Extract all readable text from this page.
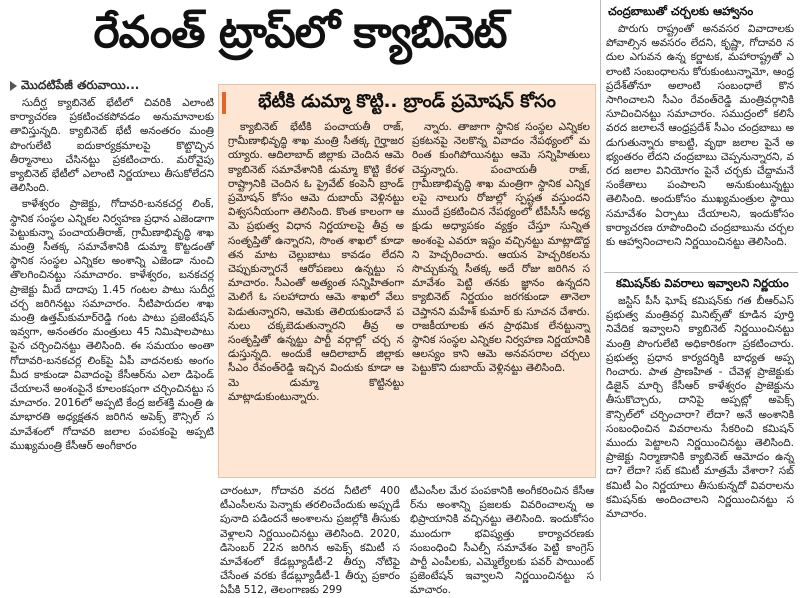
రేవంత్ ట్రాప్‌లో క్యాబినెట్
మొదటిపేజీ తరువాయి...

సుదీర్ఘ క్యాబినెట్ భేటీలో చివరికి ఎలాంటి కార్యాచరణ ప్రకటించకపోవడం అనుమానాలకు తావిస్తున్నది. క్యాబినెట్ భేటీ అనంతరం మంత్రి పొంగులేటి ఐదుకార్యక్రమాలపై కొట్టొచ్చిన తీర్మానాలు చేసినట్టు ప్రకటించారు. మరోవైపు క్యాబినెట్ భేటీలో ఎలాంటి నిర్ణయాలు తీసుకోలేదని తెలిసింది.

కాళేశ్వరం ప్రాజెక్టు, గోదావరి-బనకచర్ల లింక్, స్థానిక సంస్థల ఎన్నికల నిర్వహణ ప్రధాన ఎజెండాగా పెట్టుకున్నా పంచాయతీరాజ్, గ్రామీణాభివృద్ధి శాఖ మంత్రి సీతక్క సమావేశానికి డుమ్మా కొట్టడంతో స్థానిక సంస్థల ఎన్నికల అంశాన్ని ఎజెండా నుంచి తొలగించినట్టు సమాచారం. కాళేశ్వరం, బనకచర్ల ప్రాజెక్టు మీదే దాదాపు 1.45 గంటల పాటు సుదీర్ఘ చర్చ జరిగినట్టు సమాచారం. నీటిపారుదల శాఖ మంత్రి ఉత్తమ్‌కుమార్‌రెడ్డి గంట పాటు ప్రజెంటేషన్ ఇవ్వగా, అనంతరం మంత్రులు 45 నిమిషాలపాటు పైన చర్చించినట్టు తెలిసింది. ఈ సమయం అంతా గోదావరి-బనకచర్ల లింక్‌పై ఏపీ వాదనలకు అంగం మీద కాకుండా వివాదంపై కేసీఆర్‌ను ఎలా డిఫెండ్ చేయాలనే అంశంపైనే కూలంకషంగా చర్చించినట్టు సమాచారం. 2016లో అప్పటి కేంద్ర జల్‌శక్తి మంత్రి ఉమాభారతి అధ్యక్షతన జరిగిన అపెక్స్ కౌన్సిల్ సమావేశంలో గోదావరి జలాల పంపకంపై అప్పటి ముఖ్యమంత్రి కేసీఆర్ అంగీకారం

భేటీకి డుమ్మా కొట్టి.. బ్రాండ్ ప్రమోషన్ కోసం

క్యాబినెట్ భేటీకి పంచాయతీ రాజ్, గ్రామీణాభివృద్ధి శాఖ మంత్రి సీతక్క గైర్హాజరయ్యారు. ఆదిలాబాద్ జిల్లాకు చెందిన ఆమె క్యాబినెట్ సమావేశానికి డుమ్మా కొట్టి కేరళ రాష్ట్రానికి చెందిన ఓ ప్రైవేట్ కంపెనీ బ్రాండ్ ప్రమోషన్ కోసం ఆమె దుబాయ్ వెళ్లినట్టు విశ్వసనీయంగా తెలిసింది. కొంత కాలంగా ఆమె ప్రభుత్వ విధాన నిర్ణయాలపై తీవ్ర అసంతృప్తితో ఉన్నారని, సొంత శాఖలో కూడా తన మాట చెల్లుబాటు కావడం లేదని చెప్పుకున్నారనే ఆరోపణలు ఉన్నట్టు సమాచారం. సీఎంతో అత్యంత సన్నిహితంగా మెలిగే ఓ సలహాదారు ఆమె శాఖలో వేలు పెడుతున్నారని, ఆమెకు తెలియకుండానే పనులు చక్కబెడుతున్నారని తీవ్ర అసంతృప్తితో ఉన్నట్టు పార్టీ వర్గాల్లో చర్చ నడుస్తున్నది. అందుకే ఆదిలాబాద్ జిల్లాకు సీఎం రేవంత్‌రెడ్డి ఇచ్చిన విందుకు కూడా ఆమె డుమ్మా కొట్టినట్టు మాట్లాడుకుంటున్నారు.

న్నారు. తాజాగా స్థానిక సంస్థల ఎన్నికల ప్రకటనపై నెలకొన్న వివాదం నేపథ్యంలో మరింత కుంగిపోయినట్టు ఆమె సన్నిహితులు చెప్తున్నారు. పంచాయతీ రాజ్, గ్రామీణాభివృద్ధి శాఖ మంత్రిగా స్థానిక ఎన్నికలపై నాలుగు రోజుల్లో స్పష్టత వస్తుందని ముందే ప్రకటించిన నేపథ్యంలో టీపీసీసీ అధ్యక్షుడు అధ్యాపకం వ్యక్తం చేస్తూ సున్నిత అంశంపై ఎవరూ ఇష్టం వచ్చినట్టు మాట్లాడొద్దని హెచ్చరించారు. ఆయన హెచ్చరికలను సొచ్చుకున్న సీతక్క అదే రోజు జరిగిన సమావేశం పెట్టి తనకు జ్ఞానం ఉన్నదని క్యాబినెట్ నిర్ణయం జరగకుండా తానెలా చెప్తానని మహేశ్ కుమార్ కు సూచన చేశారు. రాజకీయాలకు తన ప్రాథమిక లేనట్టున్నా స్థానిక సంస్థల ఎన్నికల నిర్వహణ నిర్ణయానికి ఆలస్యం కాని ఆమె అనవసరాల చర్చలు పెట్టుకొని దుబాయ్ వెళ్లినట్టు తెలిసింది.

చారంటూ, గోదావరి వరద నీటిలో 400 టీఎంసీలను పెన్నాకు తరలించేందుకు అప్పుడే పునాది పడిందనే అంశాలను ప్రజల్లోకి తీసుకు వెళ్లాలని నిర్ణయించినట్టు తెలిసింది. 2020, డిసెంబర్ 22న జరిగిన అపెక్స్ కమిటీ సమావేశంలో కేడబ్ల్యూడీటీ-2 తీర్పు నోటిఫై చేసేంత వరకు కేడబ్ల్యూడీటీ-1 తీర్పు ప్రకారం ఏపీకి 512, తెలంగాణకు 299

టీఎంసీల మేర పంపకానికి అంగీకరించిన కేసీఆర్‌ను అంశాన్ని ప్రజలకు వివరించాలన్న అభిప్రాయానికి వచ్చినట్టు తెలిసింది. ఇందుకోసం ముందుగా భవిష్యత్తు కార్యాచరణకు సంబంధించి సీఎల్పీ సమావేశం పెట్టి కాంగ్రెస్ పార్టీ ఎంపీలకు, ఎమ్మెల్యేలకు పవర్ పాయింట్ ప్రజెంటేషన్ ఇవ్వాలని నిర్ణయించినట్టు సమాచారం.

చంద్రబాబుతో చర్చలకు ఆహ్వానం

పొరుగు రాష్ట్రంతో అనవసర వివాదాలకు పోవాల్సిన అవసరం లేదని, కృష్ణా, గోదావరి నదుల ఎగువన ఉన్న కర్ణాటక, మహారాష్ట్రతో ఎలాంటి సంబంధాలను కోరుకుంటున్నామో, ఆంధ్రప్రదేశ్‌తోనూ అలాంటి సంబంధాలే కొనసాగించాలని సీఎం రేవంత్‌రెడ్డి మంత్రివర్గానికి సూచించినట్టు సమాచారం. సముద్రంలో కలిసే వరద జలాలనే ఆంధ్రప్రదేశ్ సీఎం చంద్రబాబు అడుగుతున్నారు కాబట్టి, వృథా జలాల పైనే అభ్యంతరం లేదని చంద్రబాబు చెప్పనున్నారని, వరద జలాల వినియోగం పైనే చర్చకు చేద్దామనే సంకేతాలు పంపాలని అనుకుంటున్నట్టు తెలిసింది. అందుకోసం ముఖ్యమంత్రుల స్థాయి సమావేశం ఏర్పాటు చేయాలని, ఇందుకోసం కార్యాచరణ రూపొందించి చంద్రబాబును చర్చలకు ఆహ్వానించాలని నిర్ణయించినట్టు తెలిసింది.

కమిషన్‌కు వివరాలు ఇవ్వాలని నిర్ణయం

జస్టిస్ పీసీ ఘోష్ కమిషన్‌కు గత బీఆర్ఎస్ ప్రభుత్వ మంత్రివర్గ మినిట్స్‌తో కూడిన పూర్తి నివేదిక ఇవ్వాలని క్యాబినెట్ నిర్ణయించినట్టు మంత్రి పొంగులేటి అధికారికంగా ప్రకటించారు. ప్రభుత్వ ప్రధాన కార్యదర్శికి బాధ్యత అప్పగించారు. పాత ప్రాణహిత - చేవెళ్ల ప్రాజెక్టుకు డిజైన్ మార్చి కేసీఆర్ కాళేశ్వరం ప్రాజెక్టును తీసుకొచ్చారు, దానిపై అప్పట్లో అపెక్స్ కౌన్సిల్‌లో చర్చించారా? లేదా? అనే అంశానికి సంబంధించిన వివరాలను సేకరించి కమిషన్ ముందు పెట్టాలని నిర్ణయించినట్టు తెలిసింది. ప్రాజెక్టు నిర్మాణానికి క్యాబినెట్ ఆమోదం ఉన్నదా? లేదా? సబ్ కమిటీ మాత్రమే వేశారా? సబ్ కమిటీ ఏం నిర్ణయాలు తీసుకున్నదో వివరాలను కమిషన్‌కు అందించాలని నిర్ణయించినట్టు సమాచారం.
